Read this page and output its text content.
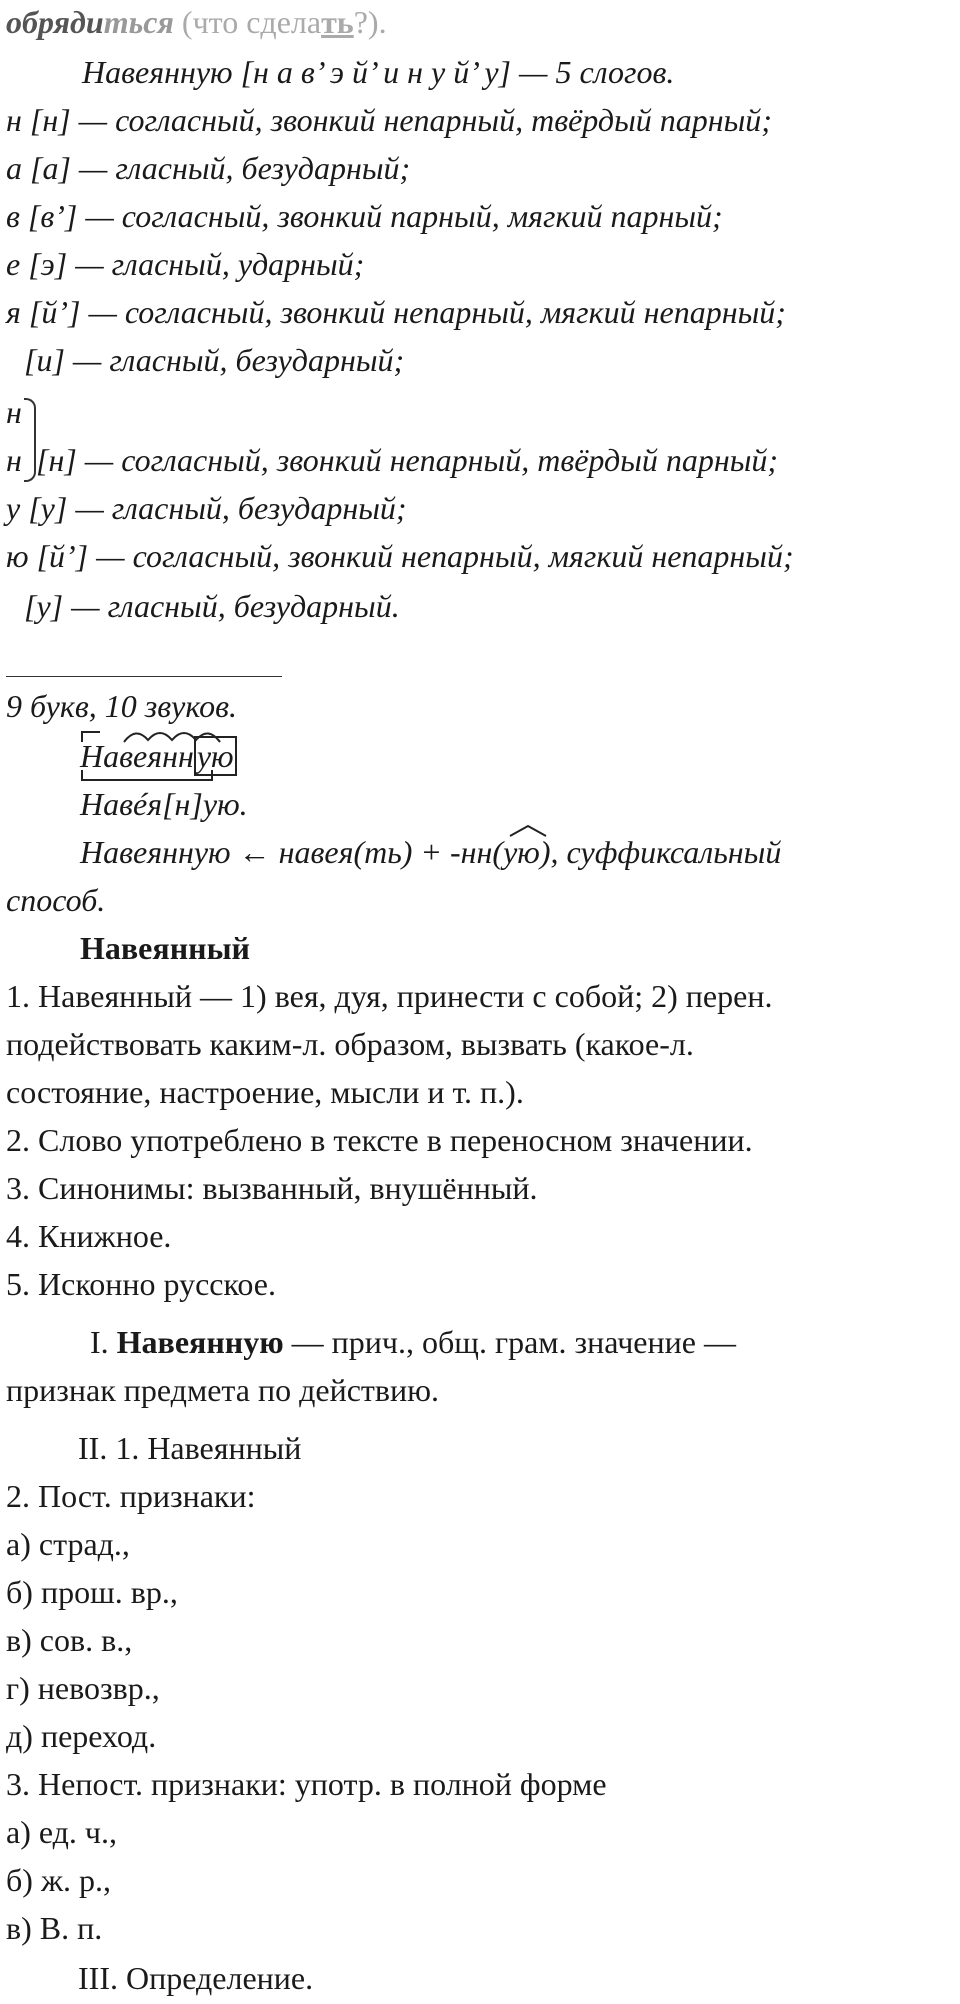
обрядиться (что сделать?).
Навеянную [н а в’ э й’ и н у й’ у] — 5 слогов.
н [н] — согласный, звонкий непарный, твёрдый парный;
а [а] — гласный, безударный;
в [в’] — согласный, звонкий парный, мягкий парный;
е [э] — гласный, ударный;
я [й’] — согласный, звонкий непарный, мягкий непарный;
[и] — гласный, безударный;
н
н [н] — согласный, звонкий непарный, твёрдый парный;
у [у] — гласный, безударный;
ю [й’] — согласный, звонкий непарный, мягкий непарный;
[у] — гласный, безударный.
9 букв, 10 звуков.
Навеянн
ую
Навéя[н]ую.
Навеянную ← навея(ть) + -нн(ую), суффиксальный
способ.
Навеянный
1. Навеянный — 1) вея, дуя, принести с собой; 2) перен.
подействовать каким-л. образом, вызвать (какое-л.
состояние, настроение, мысли и т. п.).
2. Слово употреблено в тексте в переносном значении.
3. Синонимы: вызванный, внушённый.
4. Книжное.
5. Исконно русское.
I. Навеянную — прич., общ. грам. значение —
признак предмета по действию.
II. 1. Навеянный
2. Пост. признаки:
а) страд.,
б) прош. вр.,
в) сов. в.,
г) невозвр.,
д) переход.
3. Непост. признаки: употр. в полной форме
а) ед. ч.,
б) ж. р.,
в) В. п.
III. Определение.
